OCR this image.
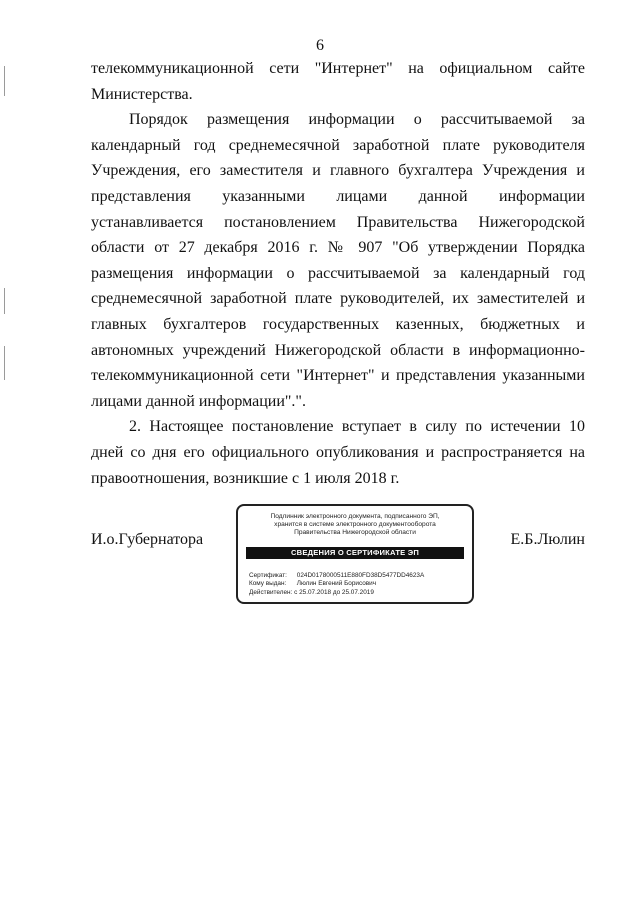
6

телекоммуникационной сети "Интернет" на официальном сайте
Министерства.

Порядок размещения информации о рассчитываемой за календарный год среднемесячной заработной плате руководителя Учреждения, его заместителя и главного бухгалтера Учреждения и представления указанными лицами данной информации устанавливается постановлением Правительства Нижегородской области от 27 декабря 2016 г. № 907 "Об утверждении Порядка размещения информации о рассчитываемой за календарный год среднемесячной заработной плате руководителей, их заместителей и главных бухгалтеров государственных казенных, бюджетных и автономных учреждений Нижегородской области в информационно-телекоммуникационной сети "Интернет" и представления указанными лицами данной информации".".

2. Настоящее постановление вступает в силу по истечении 10 дней со дня его официального опубликования и распространяется на правоотношения, возникшие с 1 июля 2018 г.

И.о.Губернатора	Е.Б.Люлин
Подлинник электронного документа, подписанного ЭП,
хранится в системе электронного документооборота
Правительства Нижегородской области
СВЕДЕНИЯ О СЕРТИФИКАТЕ ЭП
Сертификат: 024D0178000511E880FD38D5477DD4623A
Кому выдан: Люлин Евгений Борисович
Действителен: с 25.07.2018 до 25.07.2019
